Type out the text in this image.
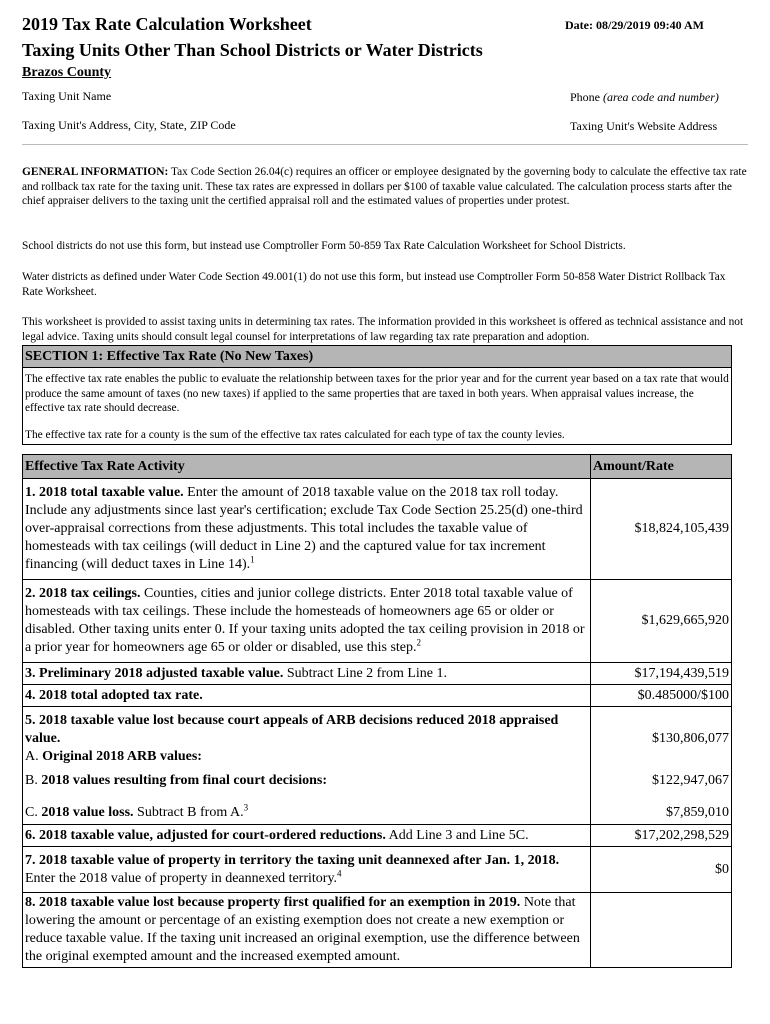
2019 Tax Rate Calculation Worksheet	Date: 08/29/2019 09:40 AM
Taxing Units Other Than School Districts or Water Districts
Brazos County
Taxing Unit Name	Phone (area code and number)
Taxing Unit's Address, City, State, ZIP Code	Taxing Unit's Website Address
GENERAL INFORMATION: Tax Code Section 26.04(c) requires an officer or employee designated by the governing body to calculate the effective tax rate and rollback tax rate for the taxing unit. These tax rates are expressed in dollars per $100 of taxable value calculated. The calculation process starts after the chief appraiser delivers to the taxing unit the certified appraisal roll and the estimated values of properties under protest.
School districts do not use this form, but instead use Comptroller Form 50-859 Tax Rate Calculation Worksheet for School Districts.
Water districts as defined under Water Code Section 49.001(1) do not use this form, but instead use Comptroller Form 50-858 Water District Rollback Tax Rate Worksheet.
This worksheet is provided to assist taxing units in determining tax rates. The information provided in this worksheet is offered as technical assistance and not legal advice. Taxing units should consult legal counsel for interpretations of law regarding tax rate preparation and adoption.
SECTION 1: Effective Tax Rate (No New Taxes)

The effective tax rate enables the public to evaluate the relationship between taxes for the prior year and for the current year based on a tax rate that would produce the same amount of taxes (no new taxes) if applied to the same properties that are taxed in both years. When appraisal values increase, the effective tax rate should decrease.

The effective tax rate for a county is the sum of the effective tax rates calculated for each type of tax the county levies.

Effective Tax Rate Activity	Amount/Rate
1. 2018 total taxable value. Enter the amount of 2018 taxable value on the 2018 tax roll today. Include any adjustments since last year's certification; exclude Tax Code Section 25.25(d) one-third over-appraisal corrections from these adjustments. This total includes the taxable value of homesteads with tax ceilings (will deduct in Line 2) and the captured value for tax increment financing (will deduct taxes in Line 14).$^1$	$18,824,105,439
2. 2018 tax ceilings. Counties, cities and junior college districts. Enter 2018 total taxable value of homesteads with tax ceilings. These include the homesteads of homeowners age 65 or older or disabled. Other taxing units enter 0. If your taxing units adopted the tax ceiling provision in 2018 or a prior year for homeowners age 65 or older or disabled, use this step.$^2$	$1,629,665,920
3. Preliminary 2018 adjusted taxable value. Subtract Line 2 from Line 1.	$17,194,439,519
4. 2018 total adopted tax rate.	$0.485000/$100

5. 2018 taxable value lost because court appeals of ARB decisions reduced 2018 appraised value.
A. Original 2018 ARB values:	$130,806,077
B. 2018 values resulting from final court decisions:	$122,947,067
C. 2018 value loss. Subtract B from A.$^3$	$7,859,010
6. 2018 taxable value, adjusted for court-ordered reductions. Add Line 3 and Line 5C.	$17,202,298,529
7. 2018 taxable value of property in territory the taxing unit deannexed after Jan. 1, 2018. Enter the 2018 value of property in deannexed territory.$^4$	$0
8. 2018 taxable value lost because property first qualified for an exemption in 2019. Note that lowering the amount or percentage of an existing exemption does not create a new exemption or reduce taxable value. If the taxing unit increased an original exemption, use the difference between the original exempted amount and the increased exempted amount.	
